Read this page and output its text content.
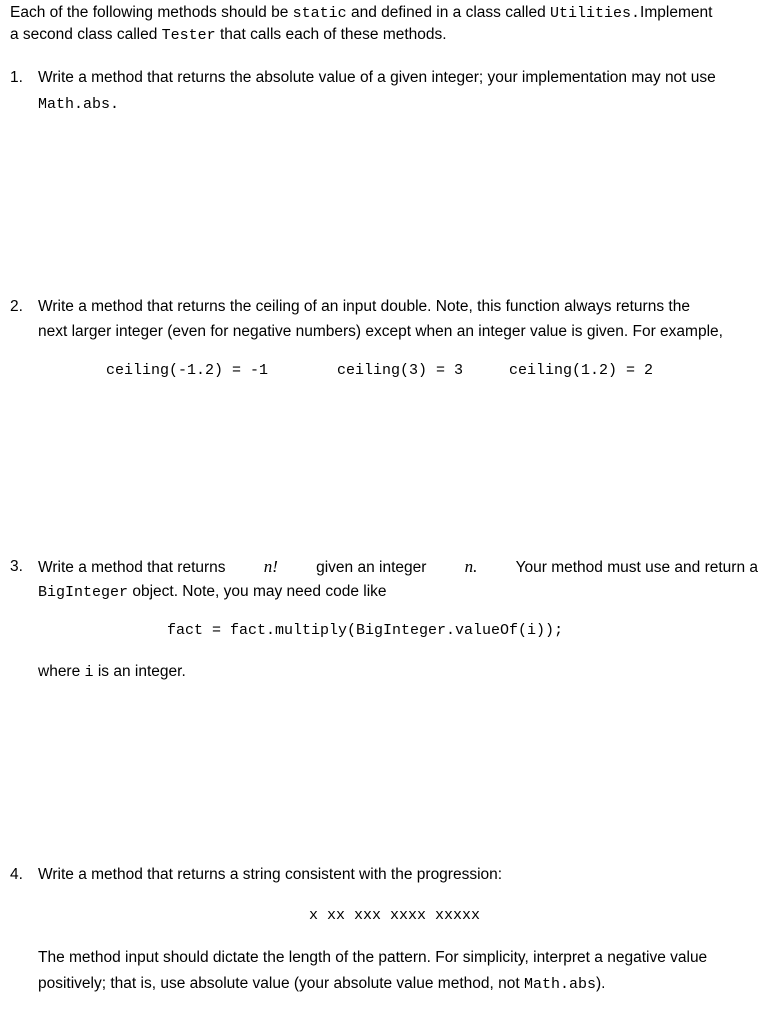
Each of the following methods should be static and defined in a class called Utilities.Implement
a second class called Tester that calls each of these methods.
1. Write a method that returns the absolute value of a given integer; your implementation may not use
Math.abs.
2. Write a method that returns the ceiling of an input double. Note, this function always returns the
next larger integer (even for negative numbers) except when an integer value is given. For example,
ceiling(-1.2) = -1	ceiling(3) = 3	ceiling(1.2) = 2
3. Write a method that returns n! given an integer n. Your method must use and return a
BigInteger object. Note, you may need code like
fact = fact.multiply(BigInteger.valueOf(i));
where i is an integer.
4. Write a method that returns a string consistent with the progression:
x xx xxx xxxx xxxxx
The method input should dictate the length of the pattern. For simplicity, interpret a negative value
positively; that is, use absolute value (your absolute value method, not Math.abs).
